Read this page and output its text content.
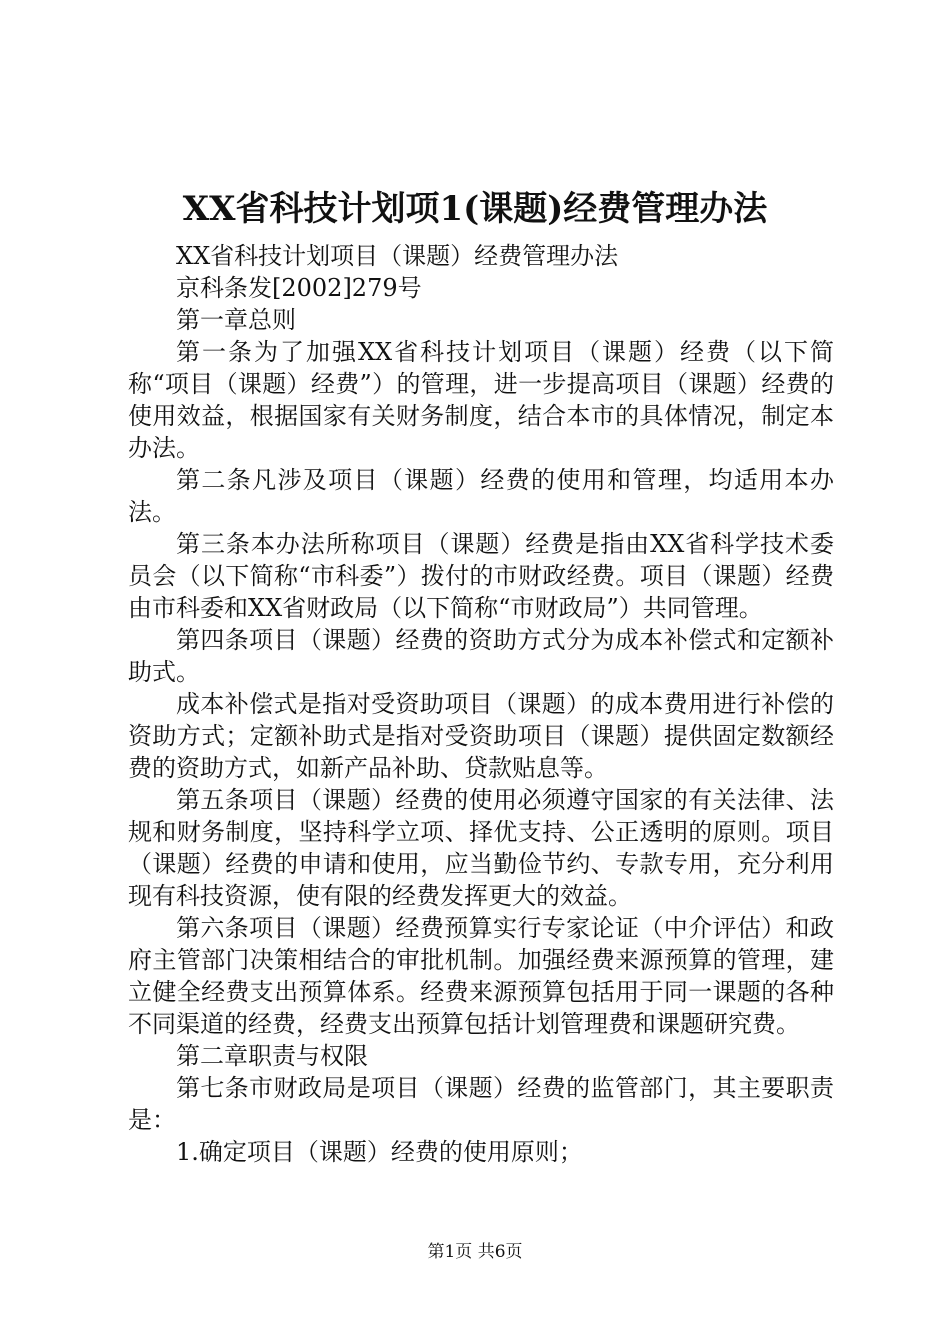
XX省科技计划项1(课题)经费管理办法

XX省科技计划项目（课题）经费管理办法

京科条发[2002]279号

第一章总则

第一条为了加强XX省科技计划项目（课题）经费（以下简称“项目（课题）经费”）的管理，进一步提高项目（课题）经费的使用效益，根据国家有关财务制度，结合本市的具体情况，制定本办法。

第二条凡涉及项目（课题）经费的使用和管理，均适用本办法。

第三条本办法所称项目（课题）经费是指由XX省科学技术委员会（以下简称“市科委”）拨付的市财政经费。项目（课题）经费由市科委和XX省财政局（以下简称“市财政局”）共同管理。

第四条项目（课题）经费的资助方式分为成本补偿式和定额补助式。

成本补偿式是指对受资助项目（课题）的成本费用进行补偿的资助方式；定额补助式是指对受资助项目（课题）提供固定数额经费的资助方式，如新产品补助、贷款贴息等。

第五条项目（课题）经费的使用必须遵守国家的有关法律、法规和财务制度，坚持科学立项、择优支持、公正透明的原则。项目（课题）经费的申请和使用，应当勤俭节约、专款专用，充分利用现有科技资源，使有限的经费发挥更大的效益。

第六条项目（课题）经费预算实行专家论证（中介评估）和政府主管部门决策相结合的审批机制。加强经费来源预算的管理，建立健全经费支出预算体系。经费来源预算包括用于同一课题的各种不同渠道的经费，经费支出预算包括计划管理费和课题研究费。

第二章职责与权限

第七条市财政局是项目（课题）经费的监管部门，其主要职责是：

1.确定项目（课题）经费的使用原则；

第1页 共6页
